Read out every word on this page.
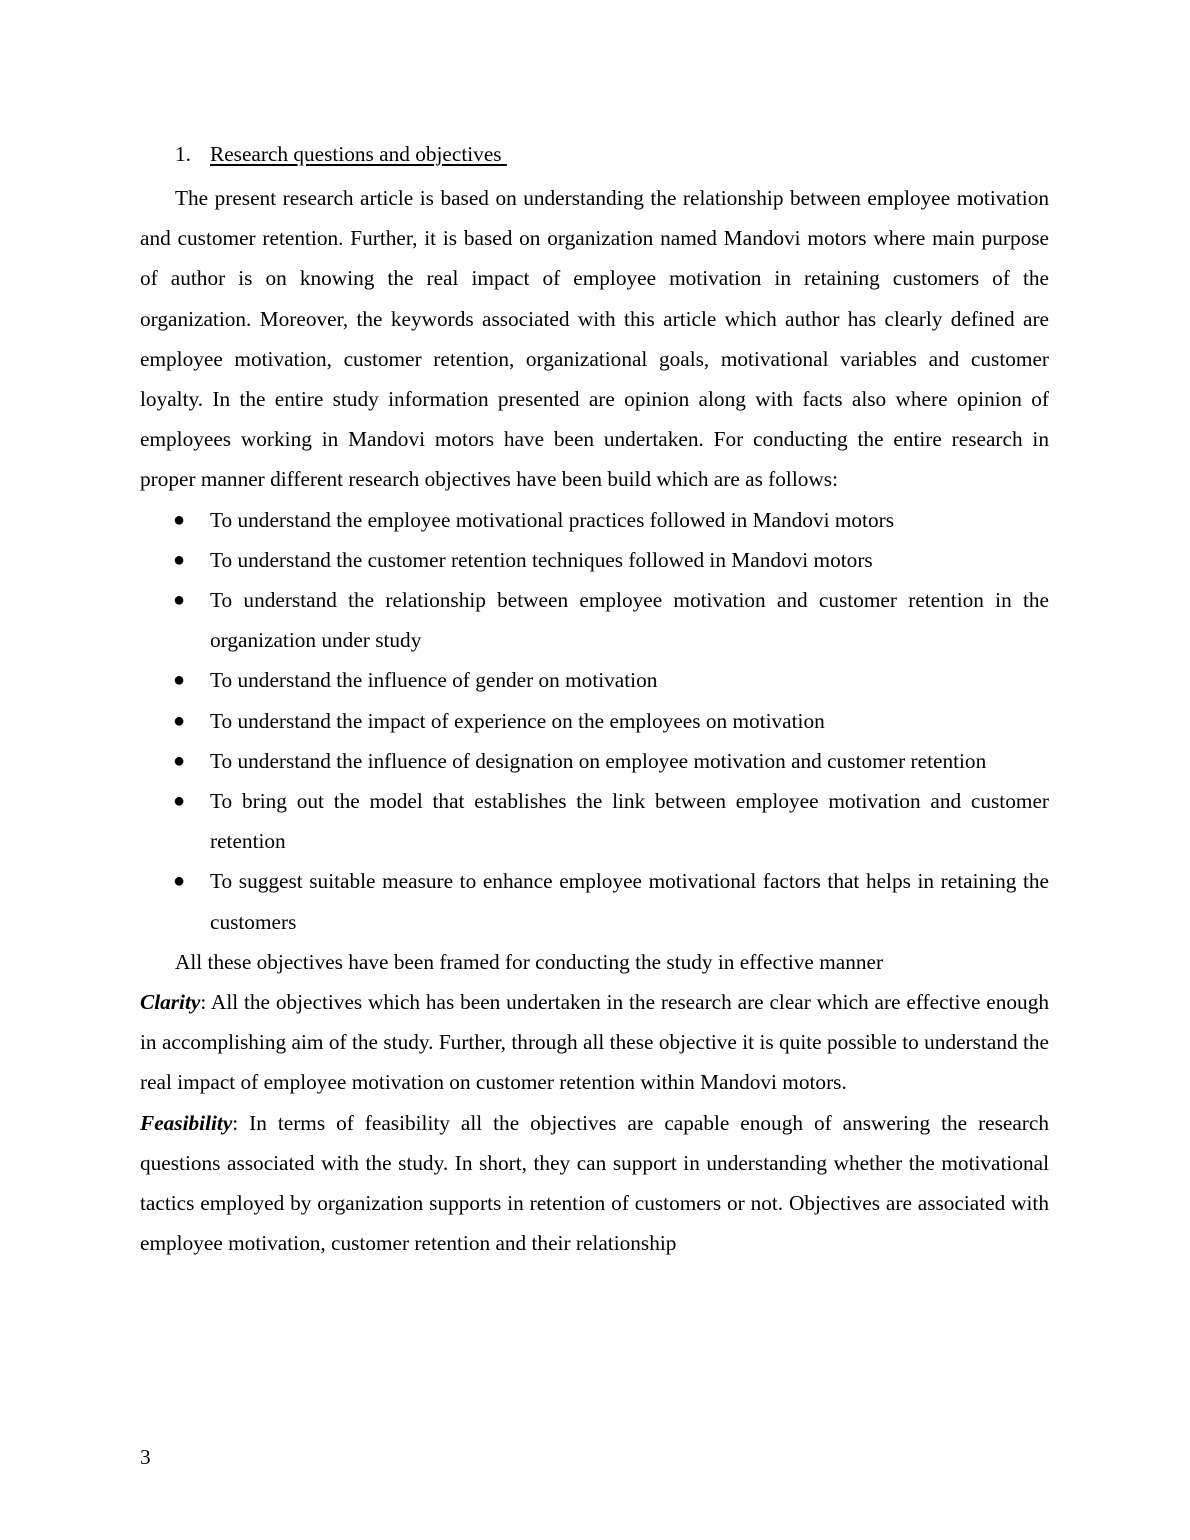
1. Research questions and objectives

The present research article is based on understanding the relationship between employee motivation and customer retention. Further, it is based on organization named Mandovi motors where main purpose of author is on knowing the real impact of employee motivation in retaining customers of the organization. Moreover, the keywords associated with this article which author has clearly defined are employee motivation, customer retention, organizational goals, motivational variables and customer loyalty. In the entire study information presented are opinion along with facts also where opinion of employees working in Mandovi motors have been undertaken. For conducting the entire research in proper manner different research objectives have been build which are as follows:

● To understand the employee motivational practices followed in Mandovi motors
● To understand the customer retention techniques followed in Mandovi motors
● To understand the relationship between employee motivation and customer retention in the organization under study
● To understand the influence of gender on motivation
● To understand the impact of experience on the employees on motivation
● To understand the influence of designation on employee motivation and customer retention
● To bring out the model that establishes the link between employee motivation and customer retention
● To suggest suitable measure to enhance employee motivational factors that helps in retaining the customers

All these objectives have been framed for conducting the study in effective manner

Clarity: All the objectives which has been undertaken in the research are clear which are effective enough in accomplishing aim of the study. Further, through all these objective it is quite possible to understand the real impact of employee motivation on customer retention within Mandovi motors.

Feasibility: In terms of feasibility all the objectives are capable enough of answering the research questions associated with the study. In short, they can support in understanding whether the motivational tactics employed by organization supports in retention of customers or not. Objectives are associated with employee motivation, customer retention and their relationship

3
